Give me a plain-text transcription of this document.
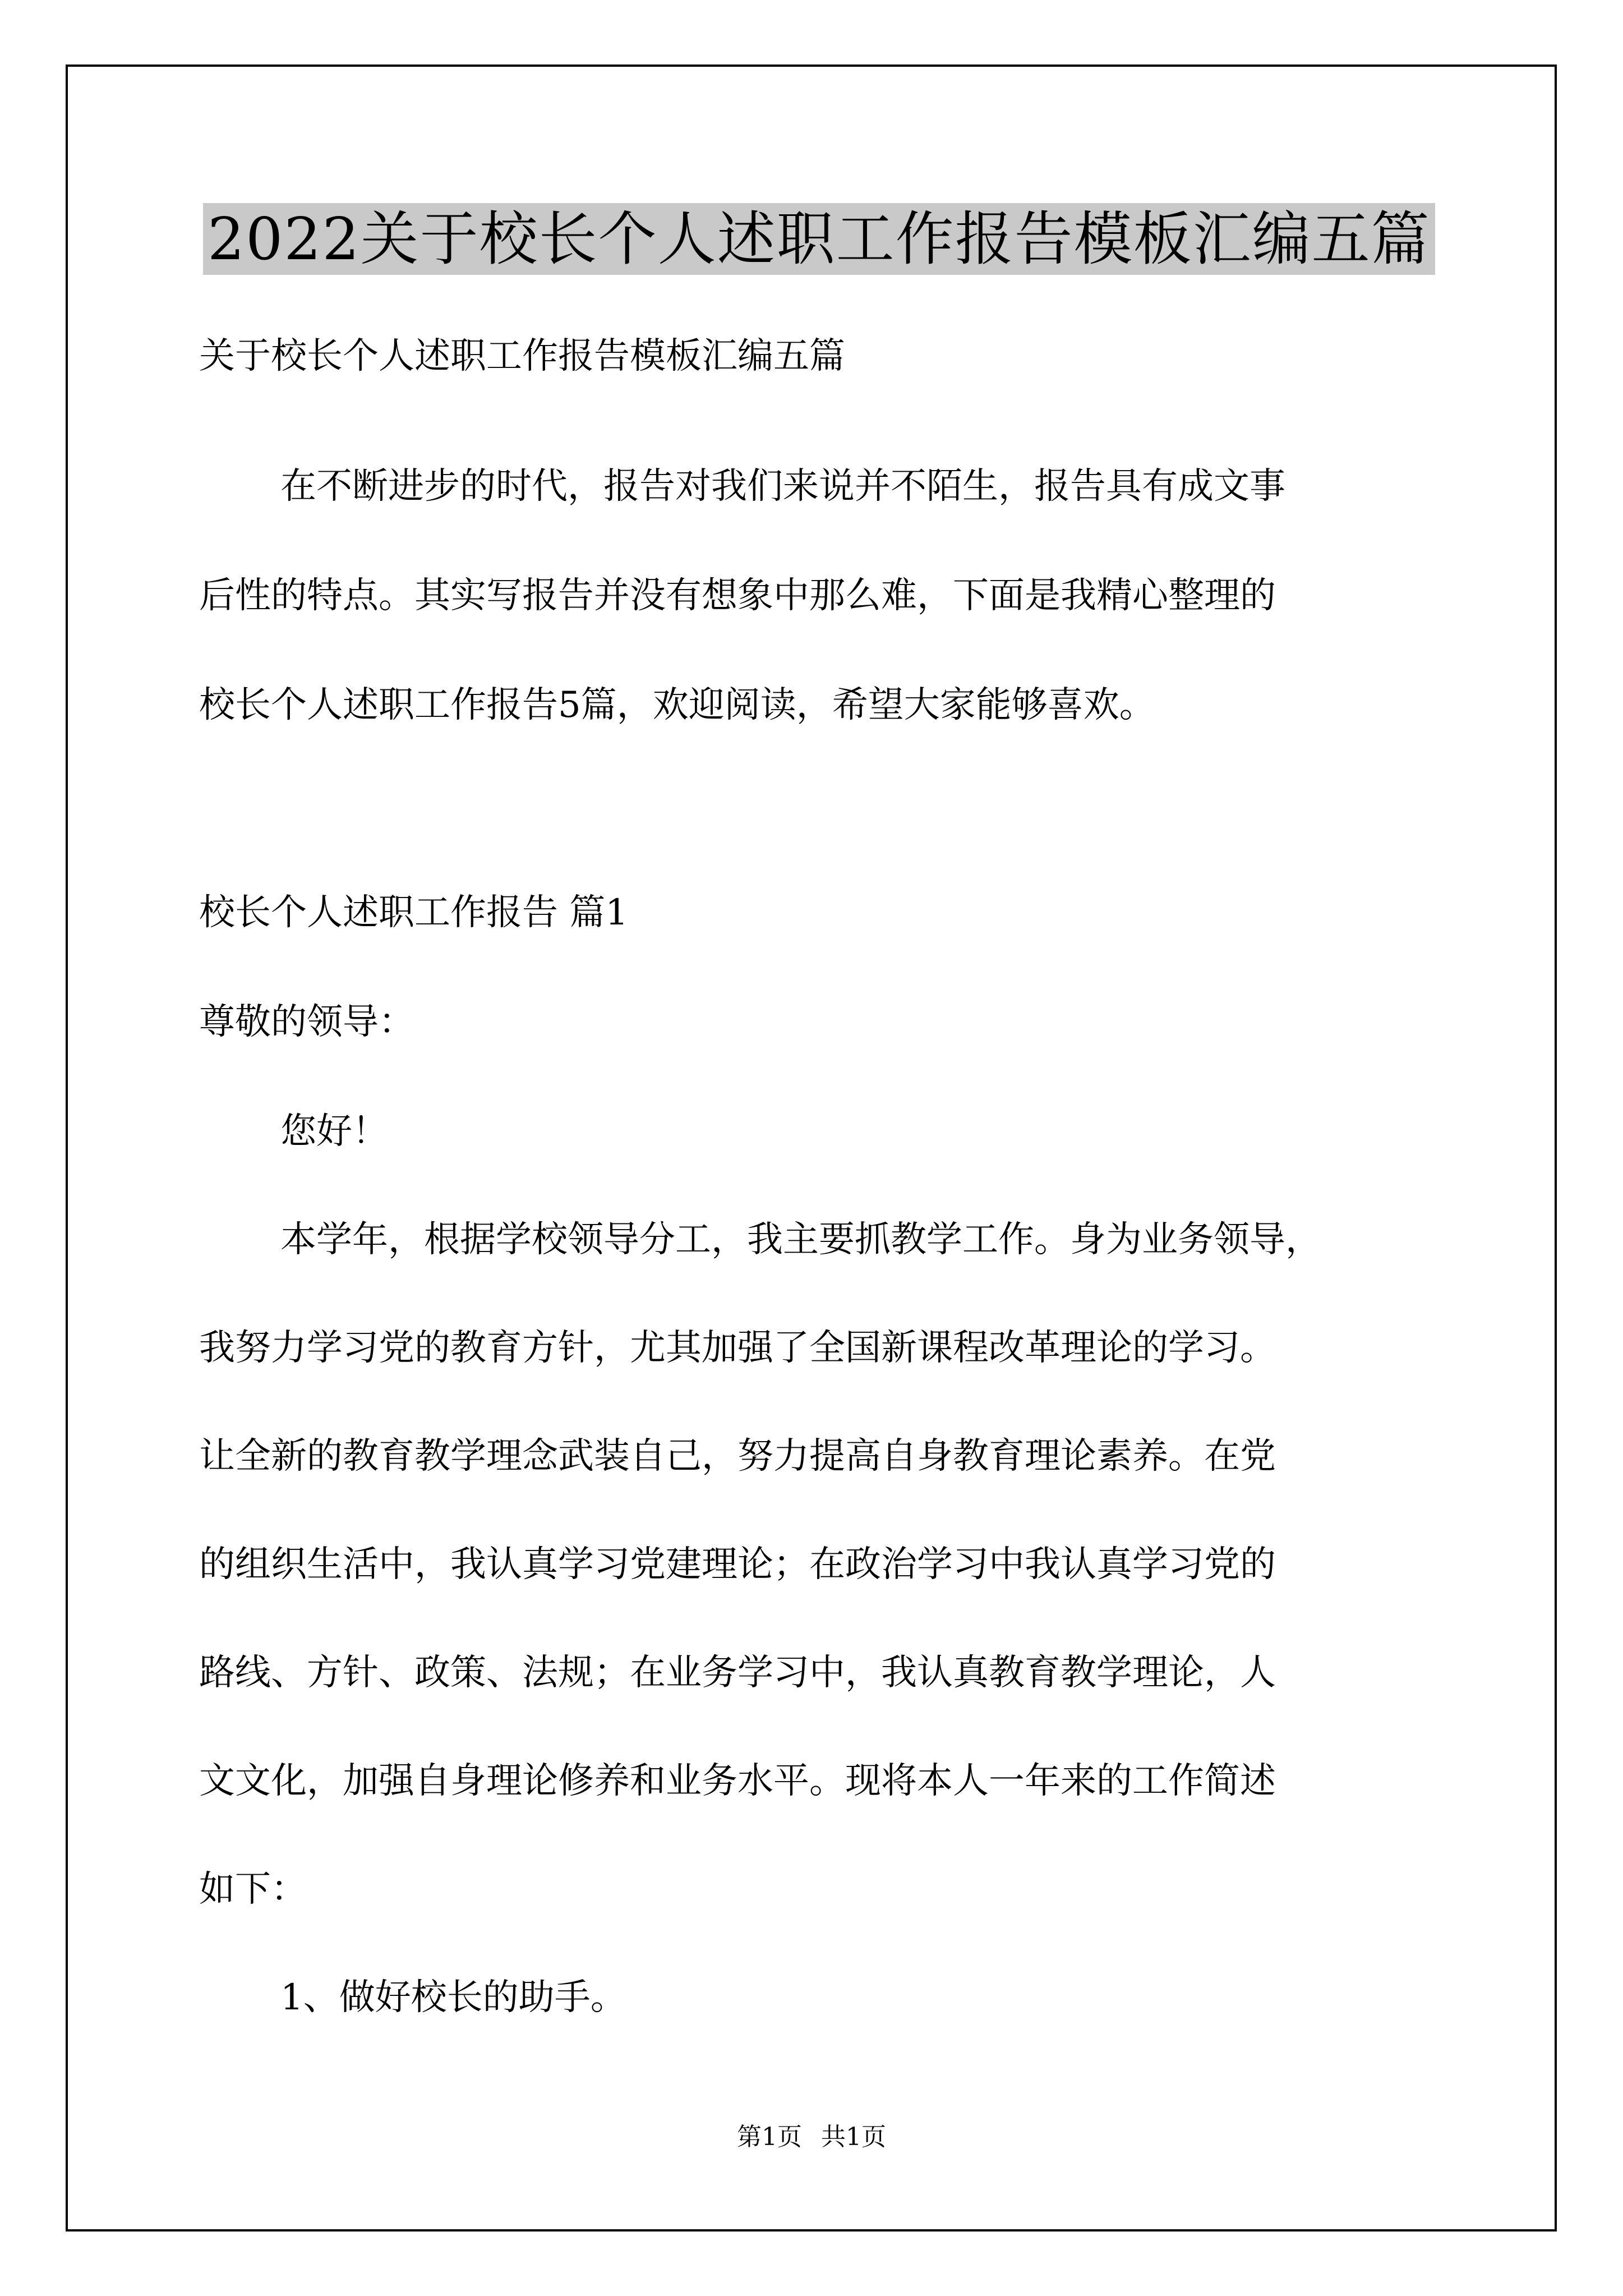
2022关于校长个人述职工作报告模板汇编五篇
关于校长个人述职工作报告模板汇编五篇
在不断进步的时代，报告对我们来说并不陌生，报告具有成文事
后性的特点。其实写报告并没有想象中那么难，下面是我精心整理的
校长个人述职工作报告5篇，欢迎阅读，希望大家能够喜欢。
校长个人述职工作报告 篇1
尊敬的领导：
您好！
本学年，根据学校领导分工，我主要抓教学工作。身为业务领导，
我努力学习党的教育方针，尤其加强了全国新课程改革理论的学习。
让全新的教育教学理念武装自己，努力提高自身教育理论素养。在党
的组织生活中，我认真学习党建理论；在政治学习中我认真学习党的
路线、方针、政策、法规；在业务学习中，我认真教育教学理论，人
文文化，加强自身理论修养和业务水平。现将本人一年来的工作简述
如下：
1、做好校长的助手。
第1页 共1页
